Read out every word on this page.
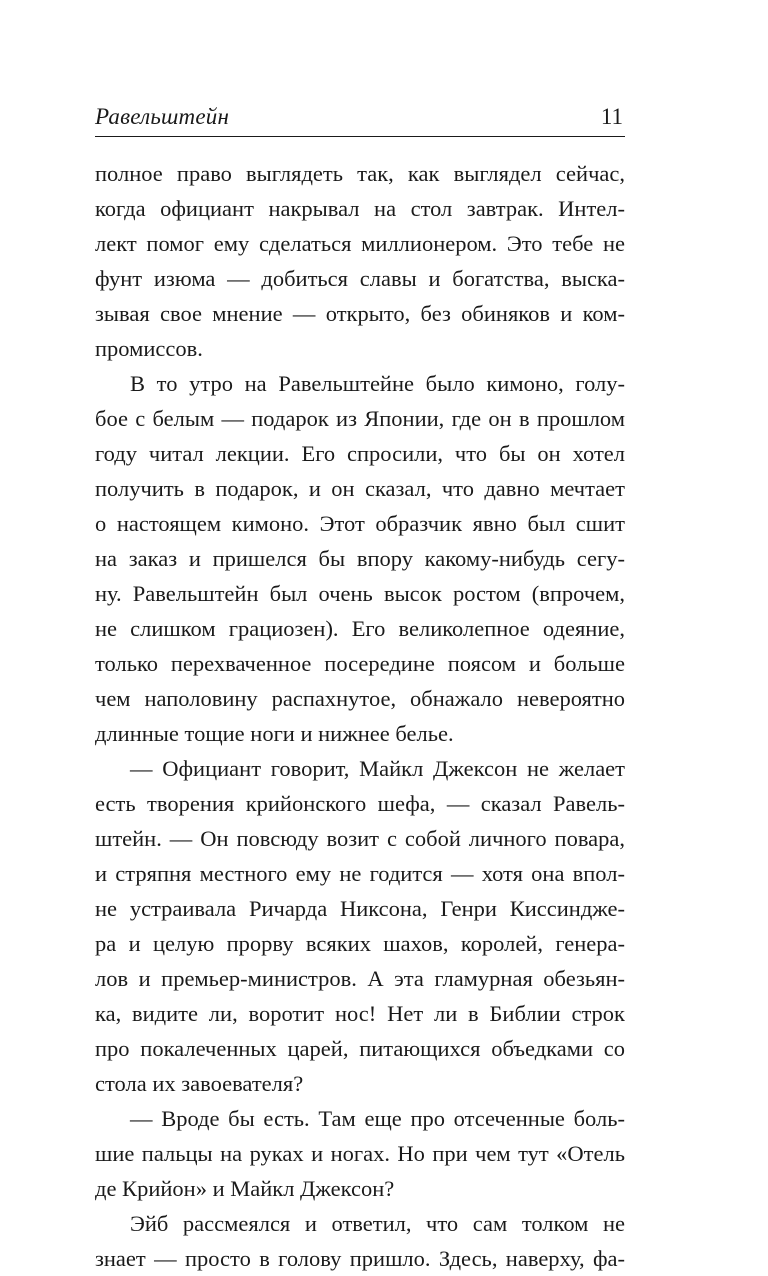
Равельштейн	11
полное право выглядеть так, как выглядел сейчас,
когда официант накрывал на стол завтрак. Интел-
лект помог ему сделаться миллионером. Это тебе не
фунт изюма — добиться славы и богатства, выска-
зывая свое мнение — открыто, без обиняков и ком-
промиссов.
В то утро на Равельштейне было кимоно, голу-
бое с белым — подарок из Японии, где он в прошлом
году читал лекции. Его спросили, что бы он хотел
получить в подарок, и он сказал, что давно мечтает
о настоящем кимоно. Этот образчик явно был сшит
на заказ и пришелся бы впору какому-нибудь сегу-
ну. Равельштейн был очень высок ростом (впрочем,
не слишком грациозен). Его великолепное одеяние,
только перехваченное посередине поясом и больше
чем наполовину распахнутое, обнажало невероятно
длинные тощие ноги и нижнее белье.
— Официант говорит, Майкл Джексон не желает
есть творения крийонского шефа, — сказал Равель-
штейн. — Он повсюду возит с собой личного повара,
и стряпня местного ему не годится — хотя она впол-
не устраивала Ричарда Никсона, Генри Киссиндже-
ра и целую прорву всяких шахов, королей, генера-
лов и премьер-министров. А эта гламурная обезьян-
ка, видите ли, воротит нос! Нет ли в Библии строк
про покалеченных царей, питающихся объедками со
стола их завоевателя?
— Вроде бы есть. Там еще про отсеченные боль-
шие пальцы на руках и ногах. Но при чем тут «Отель
де Крийон» и Майкл Джексон?
Эйб рассмеялся и ответил, что сам толком не
знает — просто в голову пришло. Здесь, наверху, фа-
